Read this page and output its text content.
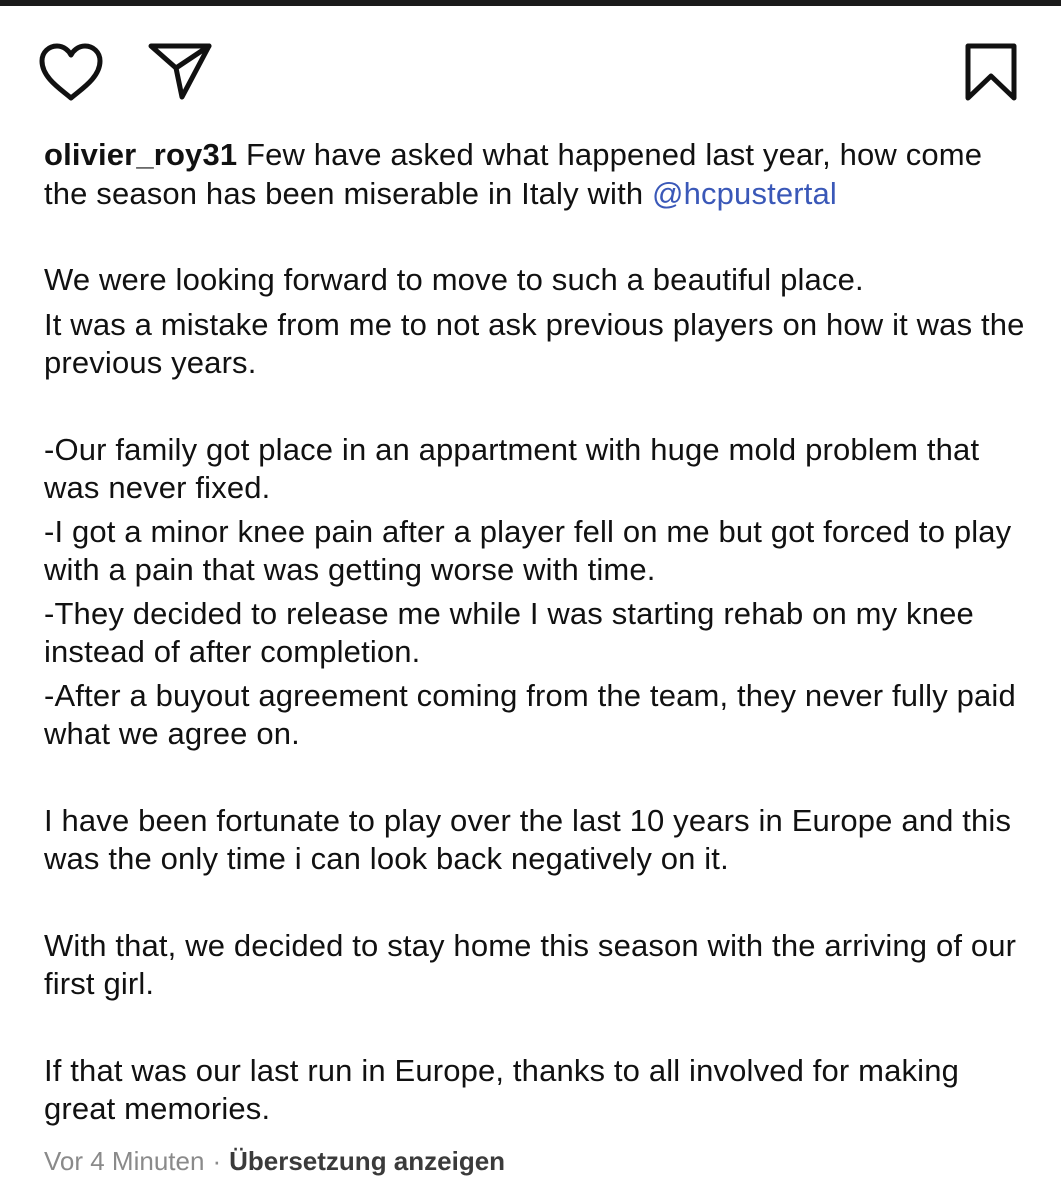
olivier_roy31 Few have asked what happened last year, how come the season has been miserable in Italy with @hcpustertal

We were looking forward to move to such a beautiful place.

It was a mistake from me to not ask previous players on how it was the previous years.

-Our family got place in an appartment with huge mold problem that was never fixed.

-I got a minor knee pain after a player fell on me but got forced to play with a pain that was getting worse with time.

-They decided to release me while I was starting rehab on my knee instead of after completion.

-After a buyout agreement coming from the team, they never fully paid what we agree on.

I have been fortunate to play over the last 10 years in Europe and this was the only time i can look back negatively on it.

With that, we decided to stay home this season with the arriving of our first girl.

If that was our last run in Europe, thanks to all involved for making great memories.

Vor 4 Minuten · Übersetzung anzeigen
